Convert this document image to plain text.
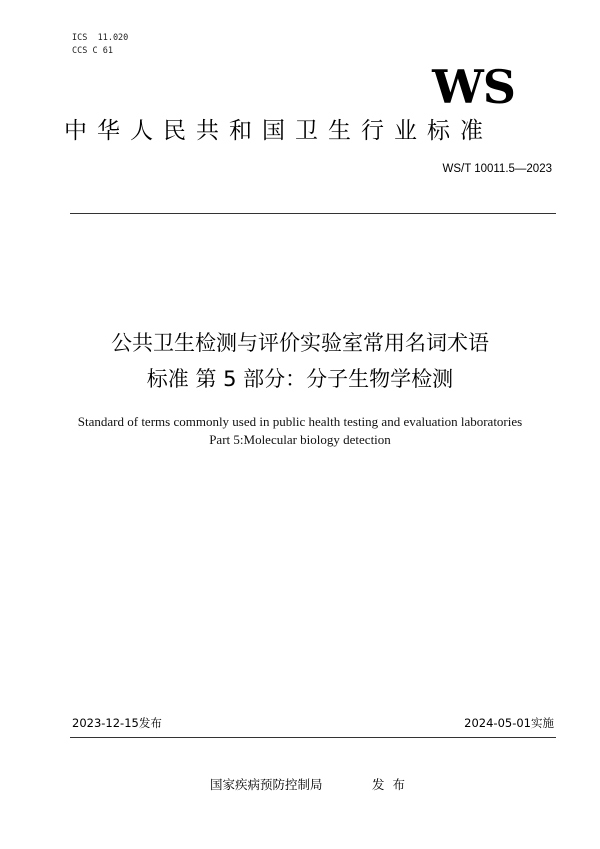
ICS  11.020
CCS C 61
WS
中华人民共和国卫生行业标准
WS/T 10011.5—2023
公共卫生检测与评价实验室常用名词术语
标准 第 5 部分：分子生物学检测
Standard of terms commonly used in public health testing and evaluation laboratories
Part 5:Molecular biology detection
2023-12-15发布	2024-05-01实施
国家疾病预防控制局	发布
